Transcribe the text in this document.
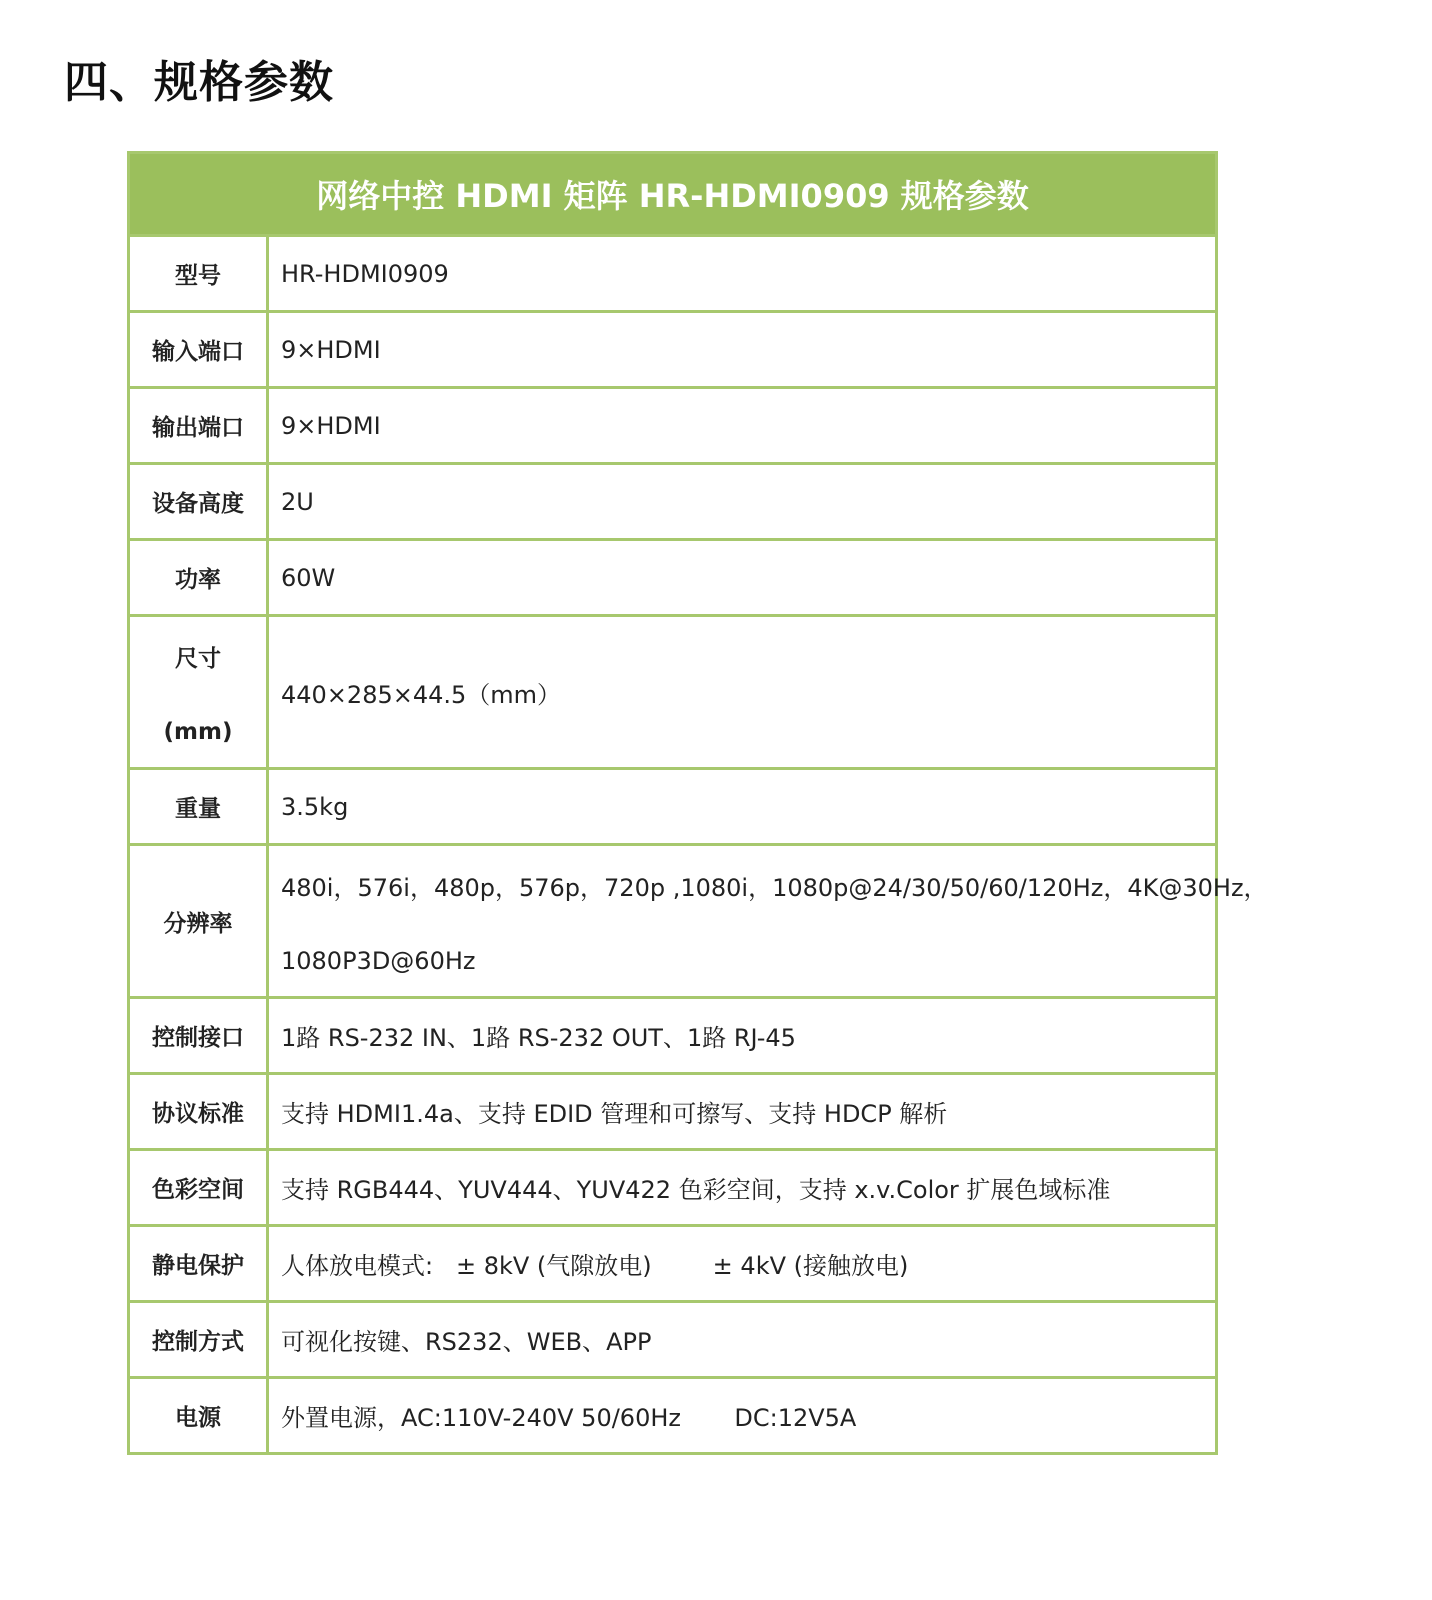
四、规格参数
网络中控 HDMI 矩阵 HR-HDMI0909 规格参数	
型号	HR-HDMI0909
输入端口	9×HDMI
输出端口	9×HDMI
设备高度	2U
功率	60W

尺寸
(mm)	440×285×44.5（mm）
重量	3.5kg
分辨率	480i，576i，480p，576p，720p ,1080i，1080p@24/30/50/60/120Hz，4K@30Hz，
1080P3D@60Hz

控制接口	1路 RS-232 IN、1路 RS-232 OUT、1路 RJ-45
协议标准	支持 HDMI1.4a、支持 EDID 管理和可擦写、支持 HDCP 解析
色彩空间	支持 RGB444、YUV444、YUV422 色彩空间，支持 x.v.Color 扩展色域标准
静电保护	人体放电模式:   ± 8kV (气隙放电)        ± 4kV (接触放电)
控制方式	可视化按键、RS232、WEB、APP
电源	外置电源，AC:110V-240V 50/60Hz       DC:12V5A
